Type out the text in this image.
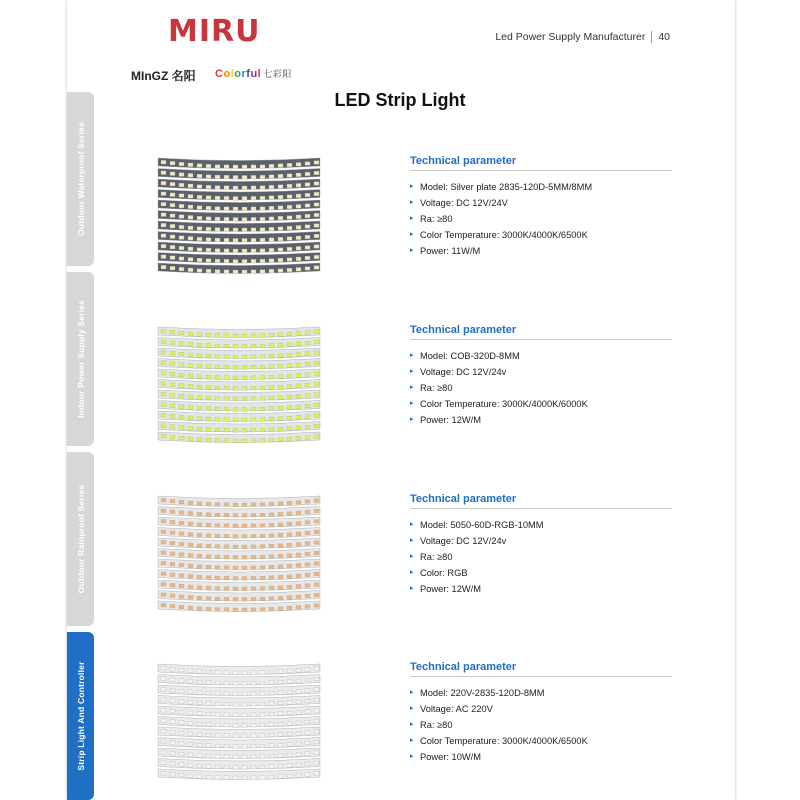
MIRU	Led Power Supply Manufacturer 40
MInGZ 名阳 Colorful 七彩阳
LED Strip Light
Outdoor Waterproof Series
Indoor Power Supply Series
Outdoor Rainproof Series
Strip Light And Controller
Technical parameter
▸ Model: Silver plate 2835-120D-5MM/8MM
▸ Voltage: DC 12V/24V
▸ Ra: ≥80
▸ Color Temperature: 3000K/4000K/6500K
▸ Power: 11W/M
Technical parameter
▸ Model: COB-320D-8MM
▸ Voltage: DC 12V/24v
▸ Ra: ≥80
▸ Color Temperature: 3000K/4000K/6000K
▸ Power: 12W/M
Technical parameter
▸ Model: 5050-60D-RGB-10MM
▸ Voltage: DC 12V/24v
▸ Ra: ≥80
▸ Color: RGB
▸ Power: 12W/M
Technical parameter
▸ Model: 220V-2835-120D-8MM
▸ Voltage: AC 220V
▸ Ra: ≥80
▸ Color Temperature: 3000K/4000K/6500K
▸ Power: 10W/M
